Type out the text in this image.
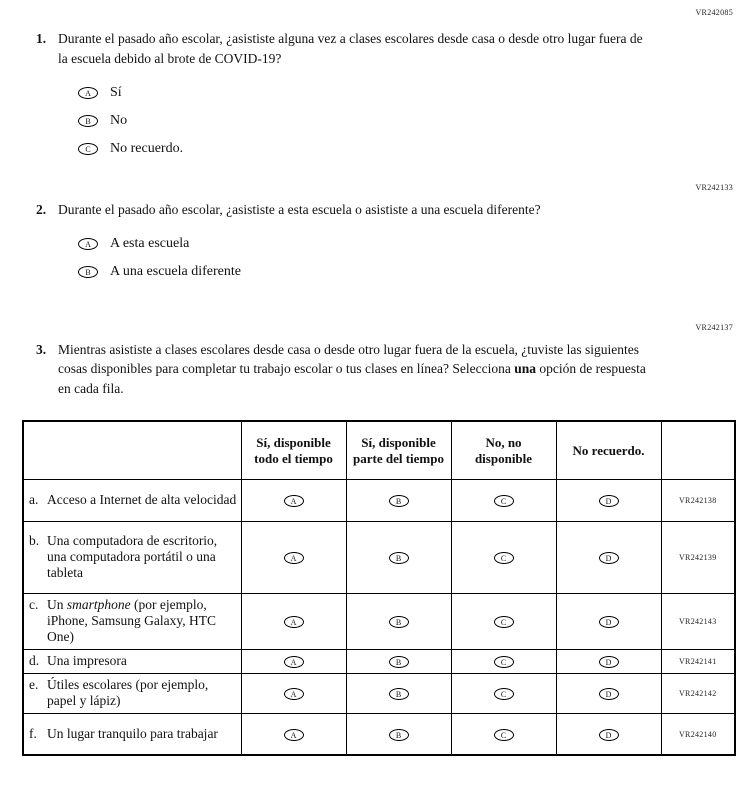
VR242085
1. Durante el pasado año escolar, ¿asististe alguna vez a clases escolares desde casa o desde otro lugar fuera de la escuela debido al brote de COVID-19?
A	Sí
B	No
C	No recuerdo.
VR242133
2. Durante el pasado año escolar, ¿asististe a esta escuela o asististe a una escuela diferente?
A	A esta escuela
B	A una escuela diferente
VR242137
3. Mientras asististe a clases escolares desde casa o desde otro lugar fuera de la escuela, ¿tuviste las siguientes cosas disponibles para completar tu trabajo escolar o tus clases en línea? Selecciona una opción de respuesta en cada fila.
	Sí, disponible todo el tiempo	Sí, disponible parte del tiempo	No, no disponible	No recuerdo.	

a. Acceso a Internet de alta velocidad	A	B	C	D	VR242138

b. Una computadora de escritorio, una computadora portátil o una tableta	A	B	C	D	VR242139

c. Un smartphone (por ejemplo, iPhone, Samsung Galaxy, HTC One)	A	B	C	D	VR242143

d. Una impresora	A	B	C	D	VR242141

e. Útiles escolares (por ejemplo, papel y lápiz)	A	B	C	D	VR242142

f. Un lugar tranquilo para trabajar	A	B	C	D	VR242140
